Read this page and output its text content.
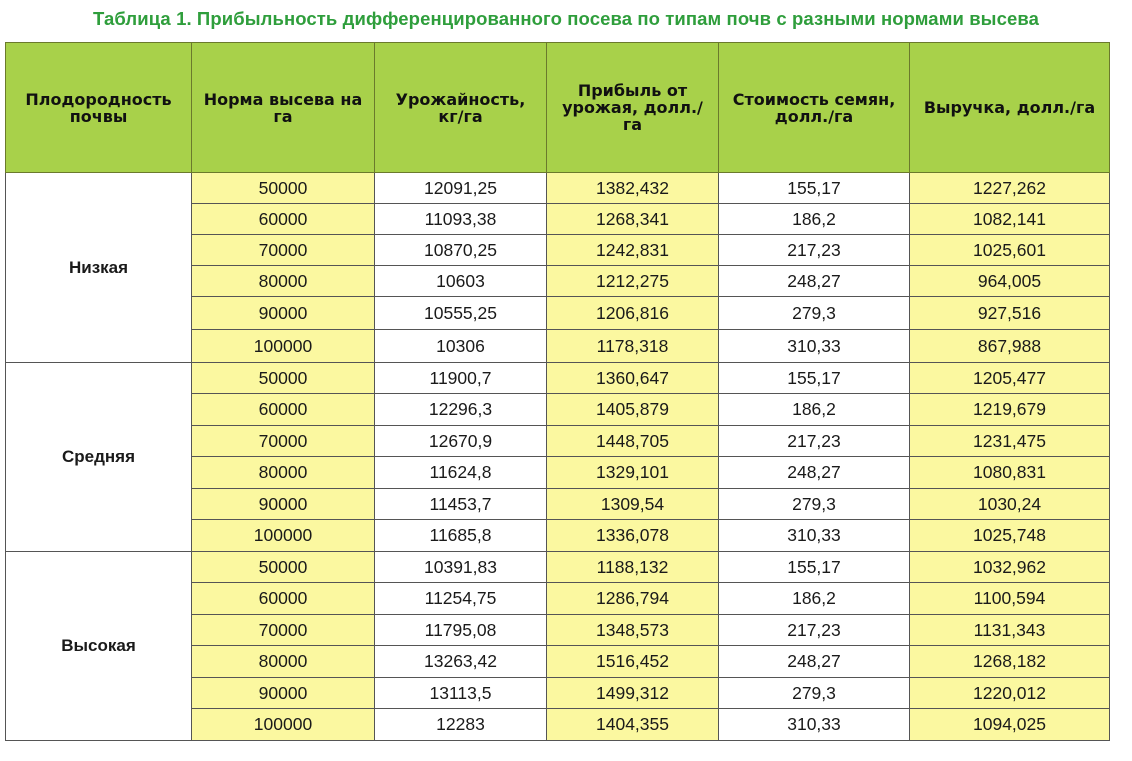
Таблица 1. Прибыльность дифференцированного посева по типам почв с разными нормами высева
Плодородность почвы	Норма высева на га	Урожайность, кг/га	Прибыль от урожая, долл./га	Стоимость семян, долл./га	Выручка, долл./га
Низкая	50000	12091,25	1382,432	155,17	1227,262
	60000	11093,38	1268,341	186,2	1082,141
	70000	10870,25	1242,831	217,23	1025,601
	80000	10603	1212,275	248,27	964,005
	90000	10555,25	1206,816	279,3	927,516
	100000	10306	1178,318	310,33	867,988
Средняя	50000	11900,7	1360,647	155,17	1205,477
	60000	12296,3	1405,879	186,2	1219,679
	70000	12670,9	1448,705	217,23	1231,475
	80000	11624,8	1329,101	248,27	1080,831
	90000	11453,7	1309,54	279,3	1030,24
	100000	11685,8	1336,078	310,33	1025,748
Высокая	50000	10391,83	1188,132	155,17	1032,962
	60000	11254,75	1286,794	186,2	1100,594
	70000	11795,08	1348,573	217,23	1131,343
	80000	13263,42	1516,452	248,27	1268,182
	90000	13113,5	1499,312	279,3	1220,012
	100000	12283	1404,355	310,33	1094,025
